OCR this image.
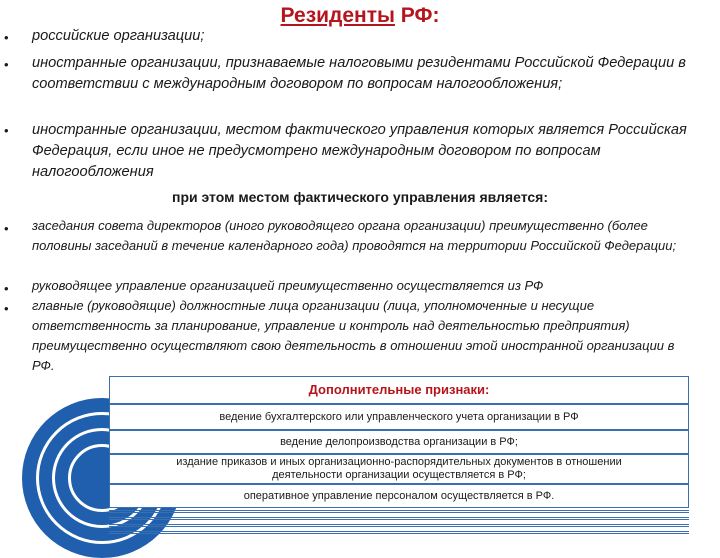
Резиденты РФ:
• российские организации;
• иностранные организации, признаваемые налоговыми резидентами Российской Федерации в соответствии с международным договором по вопросам налогообложения;
• иностранные организации, местом фактического управления которых является Российская Федерация, если иное не предусмотрено международным договором по вопросам налогообложения
при этом местом фактического управления является:
• заседания совета директоров (иного руководящего органа организации) преимущественно (более половины заседаний в течение календарного года) проводятся на территории Российской Федерации;
• руководящее управление организацией преимущественно осуществляется из РФ
• главные (руководящие) должностные лица организации (лица, уполномоченные и несущие ответственность за планирование, управление и контроль над деятельностью предприятия) преимущественно осуществляют свою деятельность в отношении этой иностранной организации в РФ.
Дополнительные признаки:
ведение бухгалтерского или управленческого учета организации в РФ
ведение делопроизводства организации в РФ;
издание приказов и иных организационно-распорядительных документов в отношении деятельности организации осуществляется в РФ;
оперативное управление персоналом осуществляется в РФ.
